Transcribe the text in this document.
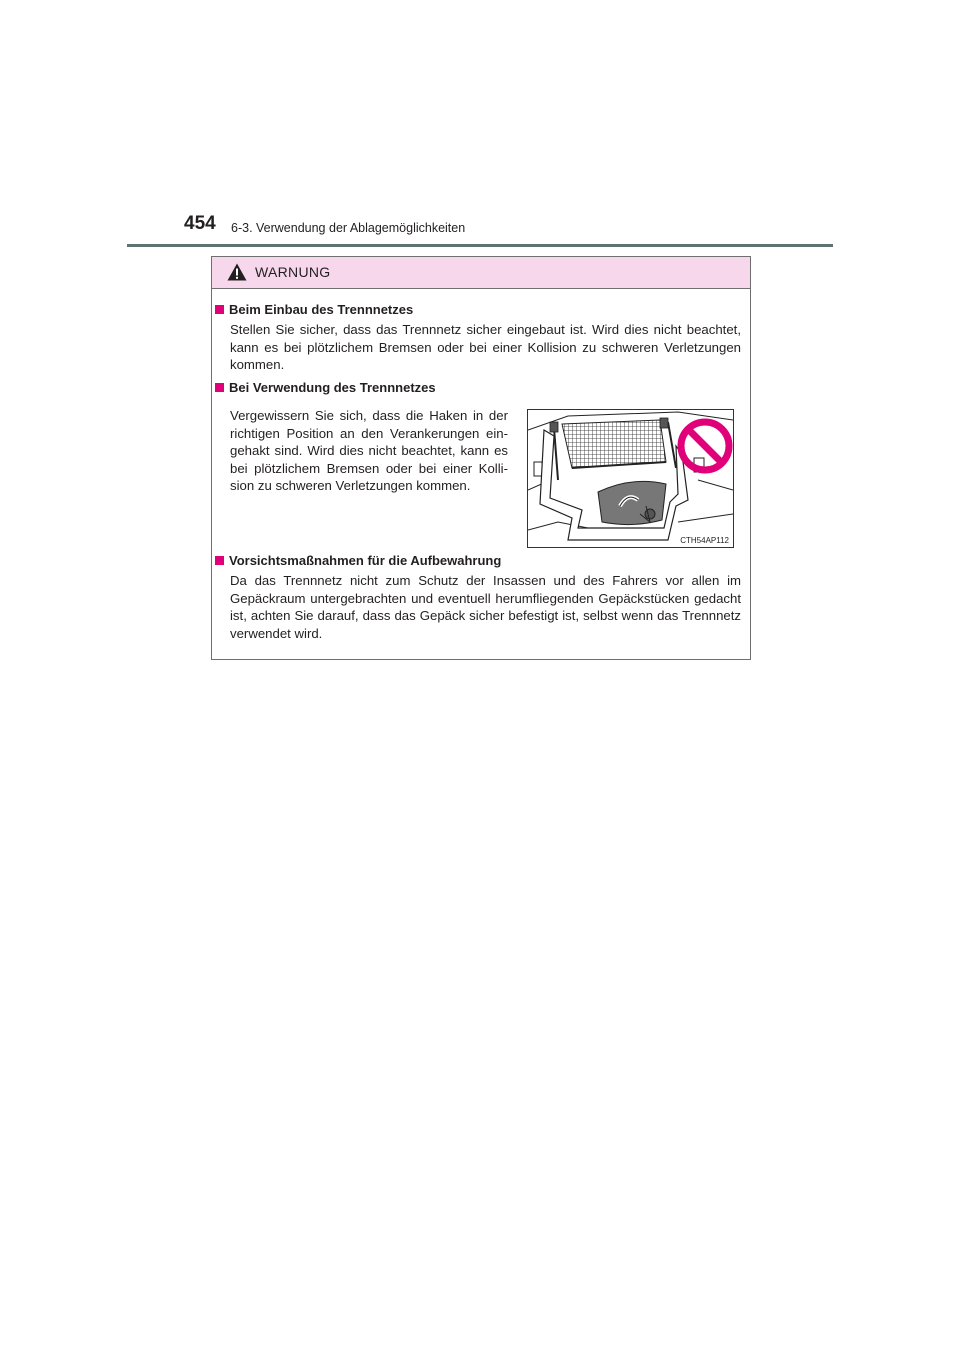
454 6-3. Verwendung der Ablagemöglichkeiten
WARNUNG
Beim Einbau des Trennnetzes
Stellen Sie sicher, dass das Trennnetz sicher eingebaut ist. Wird dies nicht beachtet, kann es bei plötzlichem Bremsen oder bei einer Kollision zu schweren Verletzungen kommen.
Bei Verwendung des Trennnetzes
Vergewissern Sie sich, dass die Haken in der richtigen Position an den Verankerungen ein-gehakt sind. Wird dies nicht beachtet, kann es bei plötzlichem Bremsen oder bei einer Kolli-sion zu schweren Verletzungen kommen.
CTH54AP112
Vorsichtsmaßnahmen für die Aufbewahrung
Da das Trennnetz nicht zum Schutz der Insassen und des Fahrers vor allen im Gepäckraum untergebrachten und eventuell herumfliegenden Gepäckstücken gedacht ist, achten Sie darauf, dass das Gepäck sicher befestigt ist, selbst wenn das Trennnetz verwendet wird.
